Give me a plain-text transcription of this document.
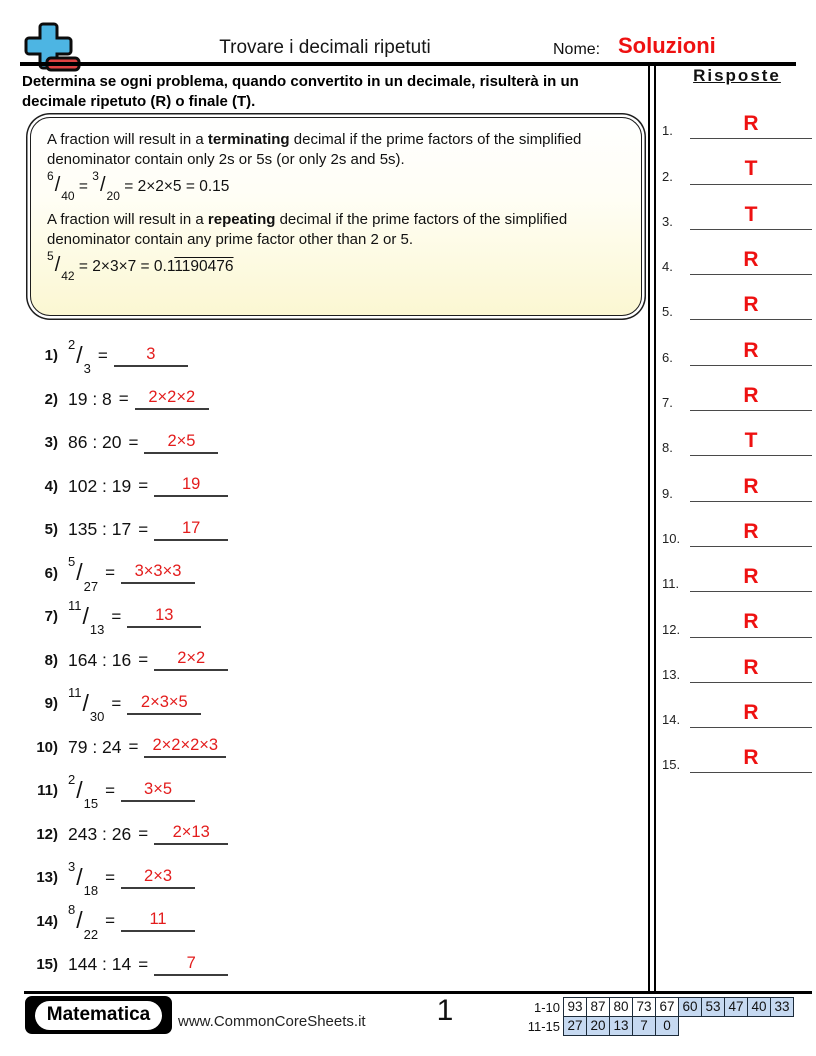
Trovare i decimali ripetuti	Nome: Soluzioni
Determina se ogni problema, quando convertito in un decimale, risulterà in un decimale ripetuto (R) o finale (T).

A fraction will result in a terminating decimal if the prime factors of the simplified denominator contain only 2s or 5s (or only 2s and 5s).

$^6/_{40} = ^3/_{20} = 2\times 2\times 5 = 0.15$

A fraction will result in a repeating decimal if the prime factors of the simplified denominator contain any prime factor other than 2 or 5.

$^5/_{42} = 2\times 3\times 7 = 0.11190476$
1)
$^2/_3$
=	3
2) 19 : 8 =	2×2×2
3) 86 : 20 =	2×5
4) 102 : 19 =	19
5) 135 : 17 =	17
6)
$^5/_{27}$
=	3×3×3
7)
$^{11}/_{13}$
=	13
8) 164 : 16 =	2×2
9)
$^{11}/_{30}$
=	2×3×5
10) 79 : 24 = 2×2×2×3
11)
$^2/_{15}$
=	3×5
12) 243 : 26 =	2×13
13)
$^3/_{18}$
=	2×3
14)
$^8/_{22}$
=	11
15) 144 : 14 =	7
Risposte
1.	R
2.	T
3.	T
4.	R
5.	R
6.	R
7.	R
8.	T
9.	R
10.	R
11.	R
12.	R
13.	R
14.	R
15.	R
Matematica	www.CommonCoreSheets.it	1	1-10 93 87 80 73 67 60 53 47 40 33
11-15 27 20 13 7	0
